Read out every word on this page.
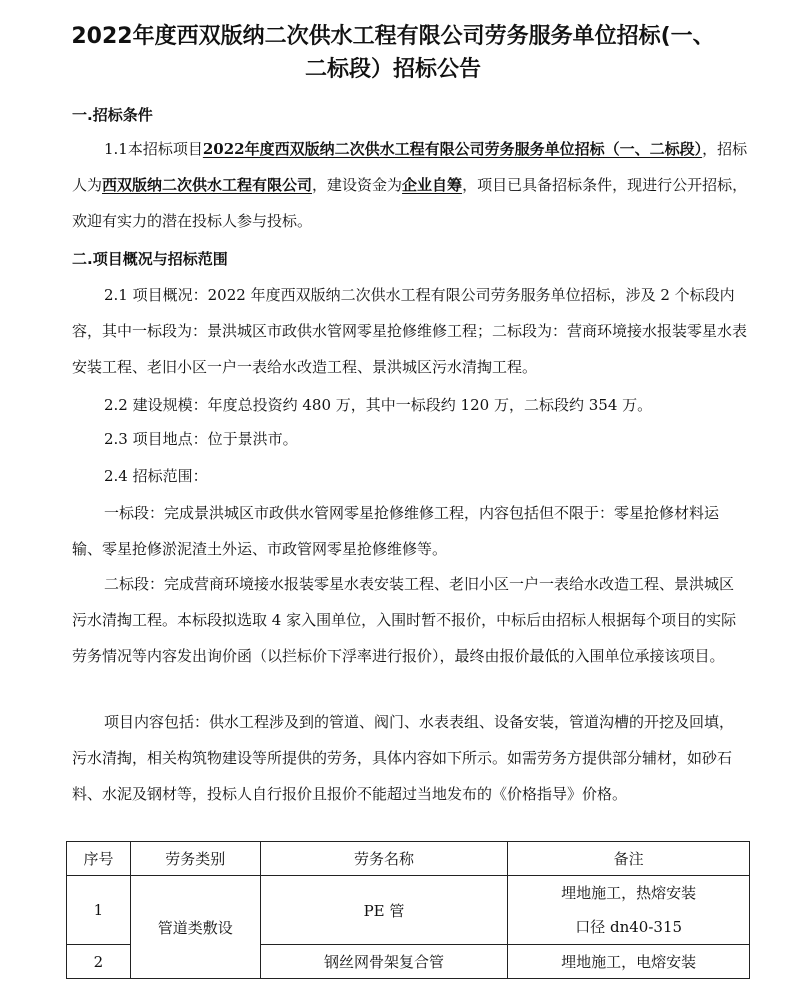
2022年度西双版纳二次供水工程有限公司劳务服务单位招标(一、
二标段）招标公告
一.招标条件

1.1本招标项目2022年度西双版纳二次供水工程有限公司劳务服务单位招标（一、二标段），招标人为西双版纳二次供水工程有限公司，建设资金为企业自筹，项目已具备招标条件，现进行公开招标，欢迎有实力的潜在投标人参与投标。

二.项目概况与招标范围

2.1 项目概况：2022 年度西双版纳二次供水工程有限公司劳务服务单位招标，涉及 2 个标段内容，其中一标段为：景洪城区市政供水管网零星抢修维修工程；二标段为：营商环境接水报装零星水表安装工程、老旧小区一户一表给水改造工程、景洪城区污水清掏工程。

2.2 建设规模：年度总投资约 480 万，其中一标段约 120 万，二标段约 354 万。

2.3 项目地点：位于景洪市。

2.4 招标范围：

一标段：完成景洪城区市政供水管网零星抢修维修工程，内容包括但不限于：零星抢修材料运输、零星抢修淤泥渣土外运、市政管网零星抢修维修等。

二标段：完成营商环境接水报装零星水表安装工程、老旧小区一户一表给水改造工程、景洪城区污水清掏工程。本标段拟选取 4 家入围单位，入围时暂不报价，中标后由招标人根据每个项目的实际劳务情况等内容发出询价函（以拦标价下浮率进行报价），最终由报价最低的入围单位承接该项目。

项目内容包括：供水工程涉及到的管道、阀门、水表表组、设备安装，管道沟槽的开挖及回填，污水清掏，相关构筑物建设等所提供的劳务，具体内容如下所示。如需劳务方提供部分辅材，如砂石料、水泥及钢材等，投标人自行报价且报价不能超过当地发布的《价格指导》价格。

序号	劳务类别	劳务名称	备注
1	管道类敷设	PE 管	埋地施工，热熔安装
口径 dn40-315
2		钢丝网骨架复合管	埋地施工，电熔安装
